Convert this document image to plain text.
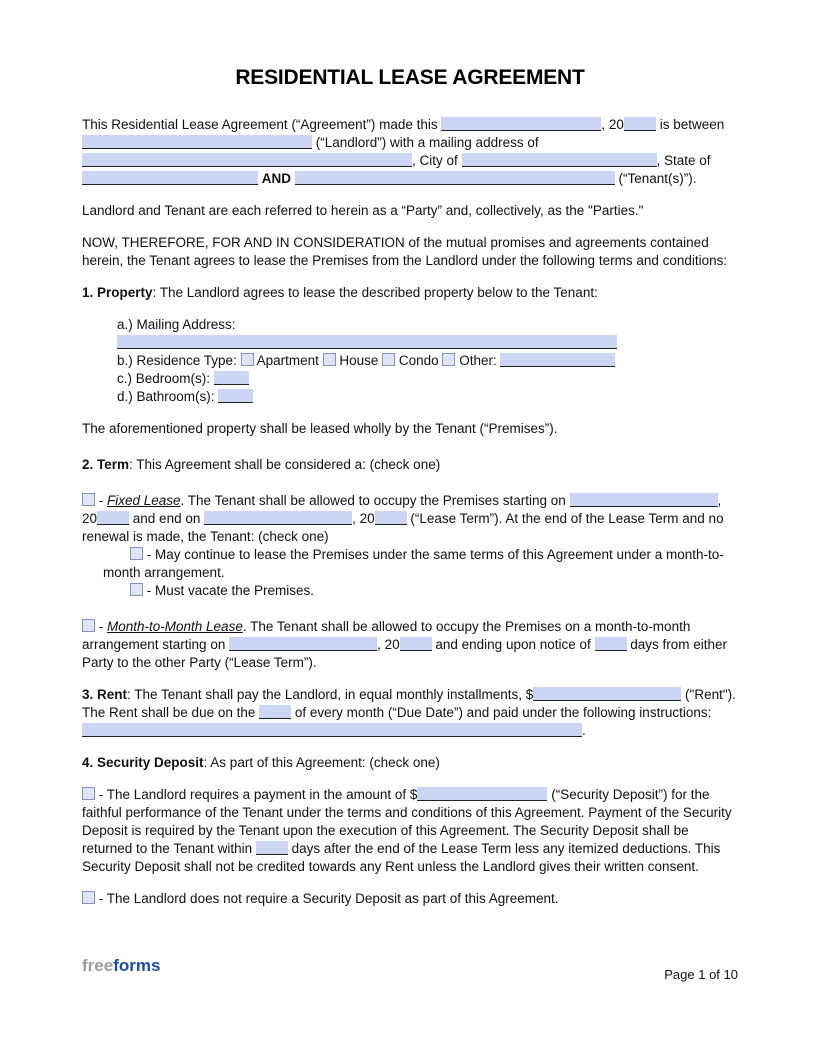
RESIDENTIAL LEASE AGREEMENT
This Residential Lease Agreement (“Agreement”) made this	, 20 is between  (“Landlord”) with a mailing address of , City of	, State of  AND	(“Tenant(s)”).
Landlord and Tenant are each referred to herein as a “Party” and, collectively, as the "Parties."
NOW, THEREFORE, FOR AND IN CONSIDERATION of the mutual promises and agreements contained herein, the Tenant agrees to lease the Premises from the Landlord under the following terms and conditions:
1. Property: The Landlord agrees to lease the described property below to the Tenant:
a.) Mailing Address:
b.) Residence Type:  Apartment  House  Condo  Other:
c.) Bedroom(s):
d.) Bathroom(s):
The aforementioned property shall be leased wholly by the Tenant (“Premises”).
2. Term: This Agreement shall be considered a: (check one)
- Fixed Lease. The Tenant shall be allowed to occupy the Premises starting on	, 20 and end on	, 20 (“Lease Term”). At the end of the Lease Term and no renewal is made, the Tenant: (check one)
- May continue to lease the Premises under the same terms of this Agreement under a month-to-month arrangement.
- Must vacate the Premises.
- Month-to-Month Lease. The Tenant shall be allowed to occupy the Premises on a month-to-month arrangement starting on	, 20 and ending upon notice of  days from either Party to the other Party (“Lease Term”).
3. Rent: The Tenant shall pay the Landlord, in equal monthly installments, $	("Rent"). The Rent shall be due on the  of every month (“Due Date”) and paid under the following instructions: .
4. Security Deposit: As part of this Agreement: (check one)
- The Landlord requires a payment in the amount of $	(“Security Deposit”) for the faithful performance of the Tenant under the terms and conditions of this Agreement. Payment of the Security Deposit is required by the Tenant upon the execution of this Agreement. The Security Deposit shall be returned to the Tenant within  days after the end of the Lease Term less any itemized deductions. This Security Deposit shall not be credited towards any Rent unless the Landlord gives their written consent.
- The Landlord does not require a Security Deposit as part of this Agreement.
freeforms	Page 1 of 10
